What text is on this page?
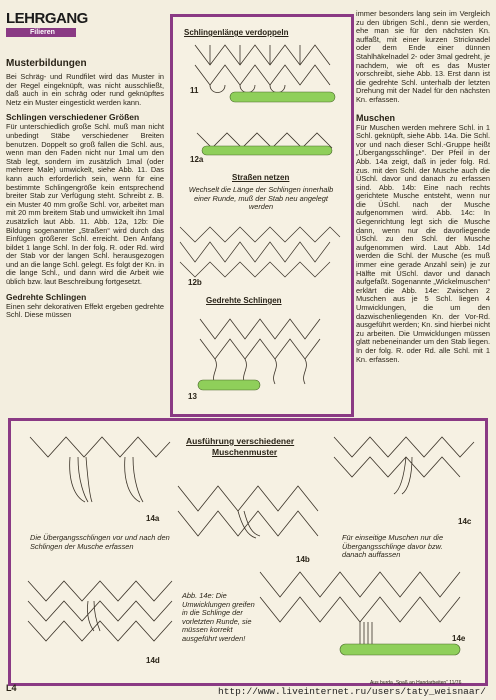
LEHRGANG
Filieren
Musterbildungen
Bei Schräg- und Rundfilet wird das Muster in der Regel eingeknüpft, was nicht ausschließt, daß auch in ein schräg oder rund geknüpftes Netz ein Muster eingestickt werden kann.
Schlingen verschiedener Größen
Für unterschiedlich große Schl. muß man nicht unbedingt Stäbe verschiedener Breiten benutzen. Doppelt so groß fallen die Schl. aus, wenn man den Faden nicht nur 1mal um den Stab legt, sondern im zusätzlich 1mal (oder mehrere Male) umwickelt, siehe Abb. 11. Das kann auch erforderlich sein, wenn für eine bestimmte Schlingengröße kein entsprechend breiter Stab zur Verfügung steht. Schreibt z. B. ein Muster 40 mm große Schl. vor, arbeitet man mit 20 mm breitem Stab und umwickelt ihn 1mal zusätzlich laut Abb. 11. Abb. 12a, 12b: Die Bildung sogenannter „Straßen“ wird durch das Einfügen größerer Schl. erreicht. Den Anfang bildet 1 lange Schl. In der folg. R. oder Rd. wird der Stab vor der langen Schl. herausgezogen und an die lange Schl. gelegt. Es folgt der Kn. in die lange Schl., und dann wird die Arbeit wie üblich bzw. laut Beschreibung fortgesetzt.
Gedrehte Schlingen
Einen sehr dekorativen Effekt ergeben gedrehte Schl. Diese müssen
Schlingenlänge verdoppeln
11
12a
Straßen netzen
Wechselt die Länge der Schlingen innerhalb einer Runde, muß der Stab neu angelegt werden
12b
Gedrehte Schlingen
13
immer besonders lang sein im Vergleich zu den übrigen Schl., denn sie werden, ehe man sie für den nächsten Kn. auffaßt, mit einer kurzen Stricknadel oder dem Ende einer dünnen Stahlhäkelnadel 2- oder 3mal gedreht, je nachdem, wie oft es das Muster vorschreibt, siehe Abb. 13. Erst dann ist die gedrehte Schl. unterhalb der letzten Drehung mit der Nadel für den nächsten Kn. erfassen.
Muschen
Für Muschen werden mehrere Schl. in 1 Schl. geknüpft, siehe Abb. 14a. Die Schl. vor und nach dieser Schl.-Gruppe heißt „Übergangsschlinge“. Der Pfeil in der Abb. 14a zeigt, daß in jeder folg. Rd. zus. mit den Schl. der Musche auch die ÜSchl. davor und danach zu erfassen sind. Abb. 14b: Eine nach rechts gerichtete Musche entsteht, wenn nur die ÜSchl. nach der Musche aufgenommen wird. Abb. 14c: In Gegenrichtung legt sich die Musche dann, wenn nur die davorliegende ÜSchl. zu den Schl. der Musche aufgenommen wird. Laut Abb. 14d werden die Schl. der Musche (es muß immer eine gerade Anzahl sein) je zur Hälfte mit ÜSchl. davor und danach aufgefaßt. Sogenannte „Wickelmuschen“ erklärt die Abb. 14e: Zwischen 2 Muschen aus je 5 Schl. liegen 4 Umwicklungen, die um den dazwischenliegenden Kn. der Vor-Rd. ausgeführt werden; Kn. sind hierbei nicht zu arbeiten. Die Umwicklungen müssen glatt nebeneinander um den Stab liegen. In der folg. R. oder Rd. alle Schl. mit 1 Kn. erfassen.
Ausführung verschiedener
Muschenmuster
14a
14b
14c
Die Übergangsschlingen vor und nach den Schlingen der Musche erfassen
Für einseitige Muschen nur die Übergangsschlinge davor bzw. danach auffassen
14d
Abb. 14e: Die Umwicklungen greifen in die Schlinge der vorletzten Runde, sie müssen korrekt ausgeführt werden!	14e
L4	Aus burda „Spaß an Handarbeiten“ 11/76
http://www.liveinternet.ru/users/taty_weisnaar/
